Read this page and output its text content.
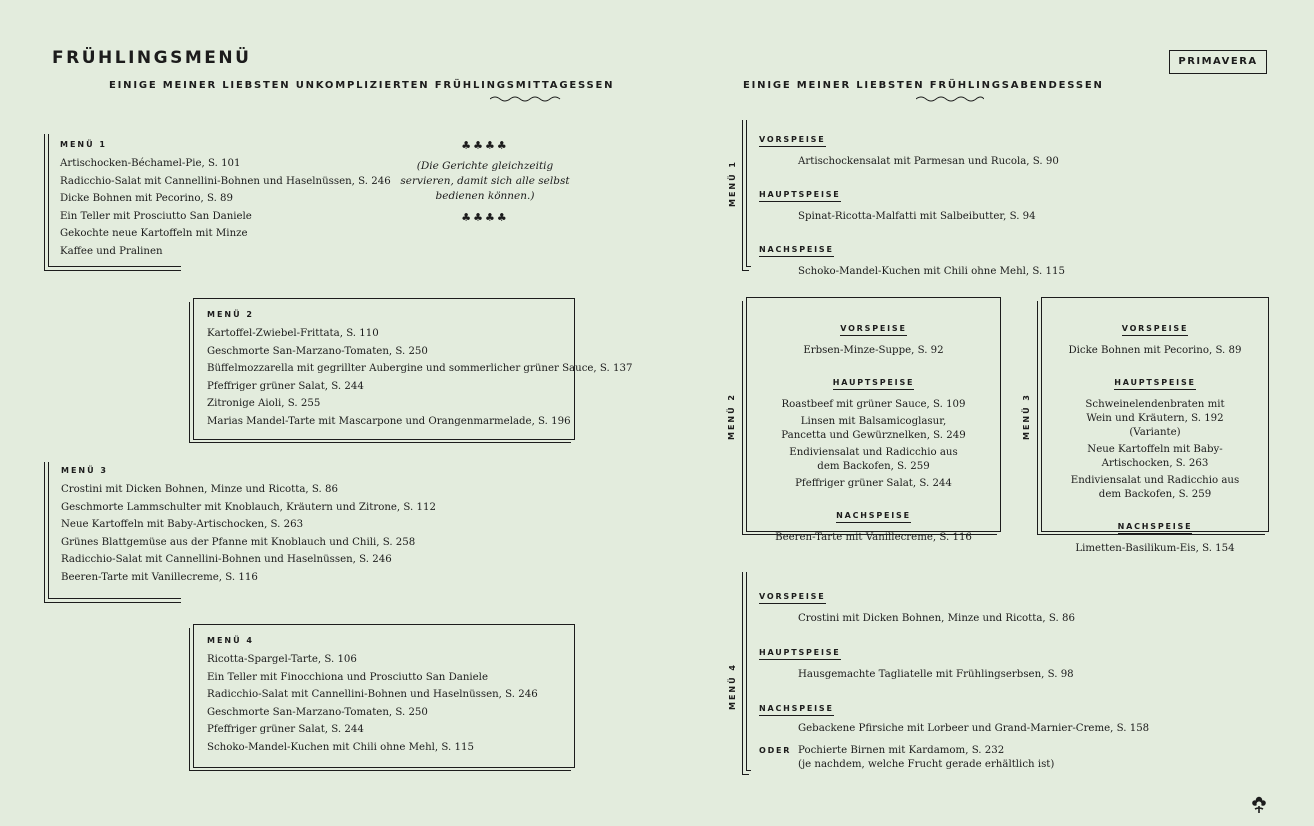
FRÜHLINGSMENÜ	PRIMAVERA
EINIGE MEINER LIEBSTEN UNKOMPLIZIERTEN FRÜHLINGSMITTAGESSEN	EINIGE MEINER LIEBSTEN FRÜHLINGSABENDESSEN
MENÜ 1
Artischocken-Béchamel-Pie, S. 101
Radicchio-Salat mit Cannellini-Bohnen und Haselnüssen, S. 246
Dicke Bohnen mit Pecorino, S. 89
Ein Teller mit Prosciutto San Daniele
Gekochte neue Kartoffeln mit Minze
Kaffee und Pralinen
♣♣♣♣
(Die Gerichte gleichzeitig servieren, damit sich alle selbst bedienen können.)
♣♣♣♣
MENÜ 2
Kartoffel-Zwiebel-Frittata, S. 110
Geschmorte San-Marzano-Tomaten, S. 250
Büffelmozzarella mit gegrillter Aubergine und sommerlicher grüner Sauce, S. 137
Pfeffriger grüner Salat, S. 244
Zitronige Aioli, S. 255
Marias Mandel-Tarte mit Mascarpone und Orangenmarmelade, S. 196
MENÜ 3
Crostini mit Dicken Bohnen, Minze und Ricotta, S. 86
Geschmorte Lammschulter mit Knoblauch, Kräutern und Zitrone, S. 112
Neue Kartoffeln mit Baby-Artischocken, S. 263
Grünes Blattgemüse aus der Pfanne mit Knoblauch und Chili, S. 258
Radicchio-Salat mit Cannellini-Bohnen und Haselnüssen, S. 246
Beeren-Tarte mit Vanillecreme, S. 116
MENÜ 4
Ricotta-Spargel-Tarte, S. 106
Ein Teller mit Finocchiona und Prosciutto San Daniele
Radicchio-Salat mit Cannellini-Bohnen und Haselnüssen, S. 246
Geschmorte San-Marzano-Tomaten, S. 250
Pfeffriger grüner Salat, S. 244
Schoko-Mandel-Kuchen mit Chili ohne Mehl, S. 115
MENÜ 1
VORSPEISE
Artischockensalat mit Parmesan und Rucola, S. 90
HAUPTSPEISE
Spinat-Ricotta-Malfatti mit Salbeibutter, S. 94
NACHSPEISE
Schoko-Mandel-Kuchen mit Chili ohne Mehl, S. 115
VORSPEISE
Erbsen-Minze-Suppe, S. 92
HAUPTSPEISE
Roastbeef mit grüner Sauce, S. 109
Linsen mit Balsamicoglasur, Pancetta und Gewürznelken, S. 249
Endiviensalat und Radicchio aus dem Backofen, S. 259
Pfeffriger grüner Salat, S. 244
NACHSPEISE
Beeren-Tarte mit Vanillecreme, S. 116
MENÜ 2
VORSPEISE
Dicke Bohnen mit Pecorino, S. 89
HAUPTSPEISE
Schweinelendenbraten mit Wein und Kräutern, S. 192 (Variante)
Neue Kartoffeln mit Baby-Artischocken, S. 263
Endiviensalat und Radicchio aus dem Backofen, S. 259
NACHSPEISE
Limetten-Basilikum-Eis, S. 154
MENÜ 3
MENÜ 4
VORSPEISE
Crostini mit Dicken Bohnen, Minze und Ricotta, S. 86
HAUPTSPEISE
Hausgemachte Tagliatelle mit Frühlingserbsen, S. 98
NACHSPEISE
Gebackene Pfirsiche mit Lorbeer und Grand-Marnier-Creme, S. 158
ODER Pochierte Birnen mit Kardamom, S. 232
(je nachdem, welche Frucht gerade erhältlich ist)
